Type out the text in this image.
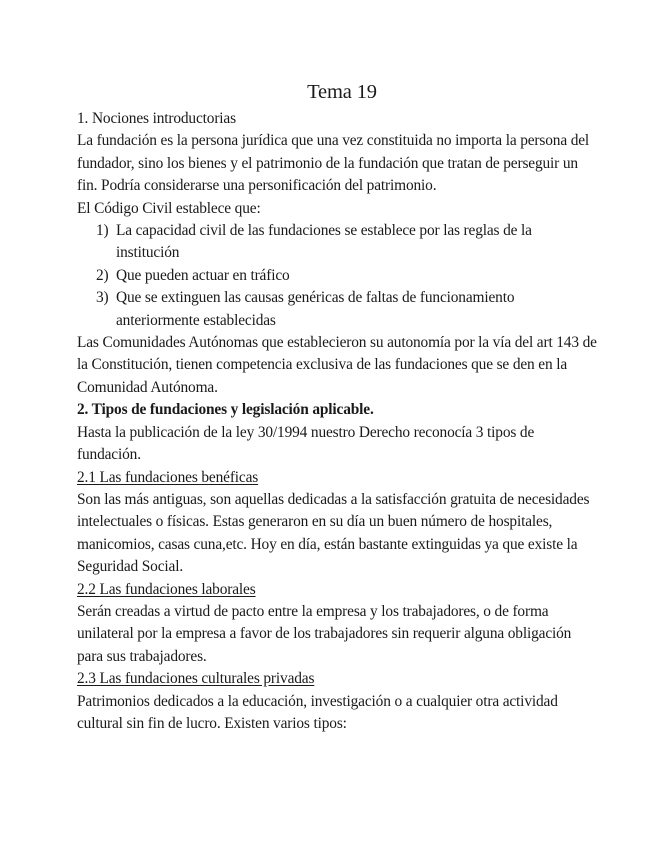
Tema 19

1. Nociones introductorias

La fundación es la persona jurídica que una vez constituida no importa la persona del fundador, sino los bienes y el patrimonio de la fundación que tratan de perseguir un fin. Podría considerarse una personificación del patrimonio.

El Código Civil establece que:

1) La capacidad civil de las fundaciones se establece por las reglas de la institución
2) Que pueden actuar en tráfico
3) Que se extinguen las causas genéricas de faltas de funcionamiento anteriormente establecidas

Las Comunidades Autónomas que establecieron su autonomía por la vía del art 143 de la Constitución, tienen competencia exclusiva de las fundaciones que se den en la Comunidad Autónoma.

2. Tipos de fundaciones y legislación aplicable.

Hasta la publicación de la ley 30/1994 nuestro Derecho reconocía 3 tipos de fundación.

2.1 Las fundaciones benéficas

Son las más antiguas, son aquellas dedicadas a la satisfacción gratuita de necesidades intelectuales o físicas. Estas generaron en su día un buen número de hospitales, manicomios, casas cuna,etc. Hoy en día, están bastante extinguidas ya que existe la Seguridad Social.

2.2 Las fundaciones laborales

Serán creadas a virtud de pacto entre la empresa y los trabajadores, o de forma unilateral por la empresa a favor de los trabajadores sin requerir alguna obligación para sus trabajadores.

2.3 Las fundaciones culturales privadas

Patrimonios dedicados a la educación, investigación o a cualquier otra actividad cultural sin fin de lucro. Existen varios tipos:
